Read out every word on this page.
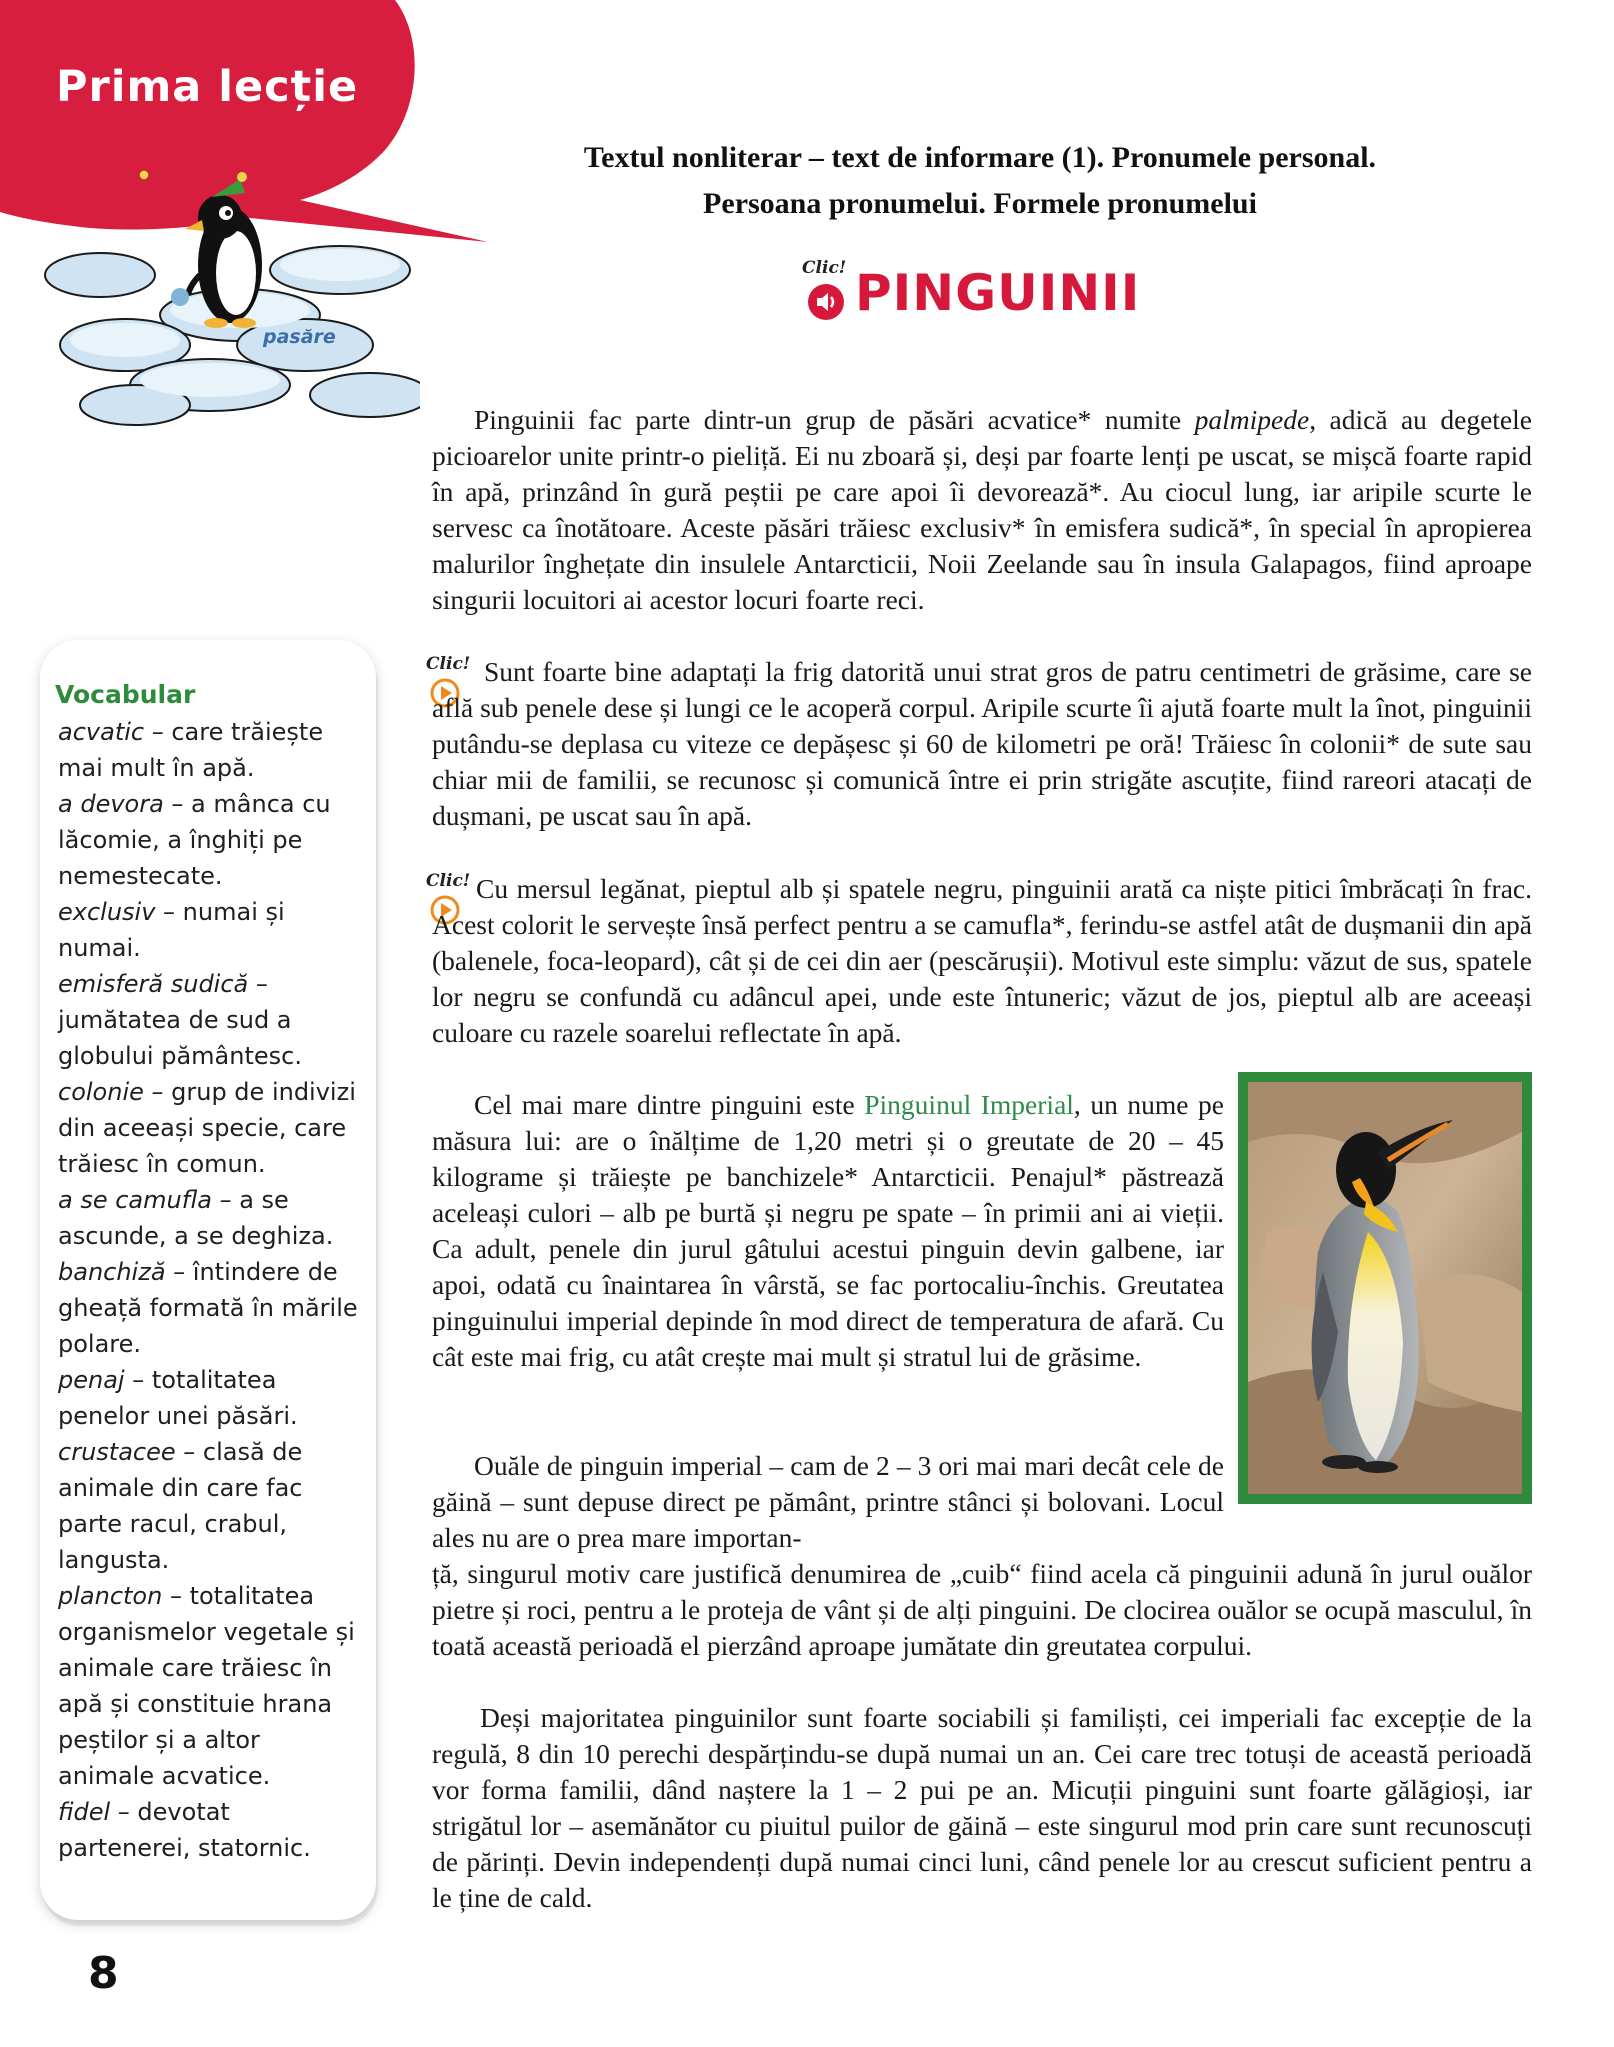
Prima lecție
pasăre
Textul nonliterar – text de informare (1). Pronumele personal.
Persoana pronumelui. Formele pronumelui
Clic! PINGUINII
Vocabular
acvatic – care trăiește mai mult în apă.
a devora – a mânca cu lăcomie, a înghiți pe nemestecate.
exclusiv – numai și numai.
emisferă sudică – jumătatea de sud a globului pământesc.
colonie – grup de indivizi din aceeași specie, care trăiesc în comun.
a se camufla – a se ascunde, a se deghiza.
banchiză – întindere de gheață formată în mările polare.
penaj – totalitatea penelor unei păsări.
crustacee – clasă de animale din care fac parte racul, crabul, langusta.
plancton – totalitatea organismelor vegetale și animale care trăiesc în apă și constituie hrana peștilor și a altor animale acvatice.
fidel – devotat partenerei, statornic.
8
Pinguinii fac parte dintr-un grup de păsări acvatice* numite palmipede, adică au degetele picioarelor unite printr-o pieliță. Ei nu zboară și, deși par foarte lenți pe uscat, se mișcă foarte rapid în apă, prinzând în gură peștii pe care apoi îi devorează*. Au ciocul lung, iar aripile scurte le servesc ca înotătoare. Aceste păsări trăiesc exclusiv* în emisfera sudică*, în special în apropierea malurilor înghețate din insulele Antarcticii, Noii Zeelande sau în insula Galapagos, fiind aproape singurii locuitori ai acestor locuri foarte reci.
Clic! Sunt foarte bine adaptați la frig datorită unui strat gros de patru centimetri de grăsime, care se află sub penele dese și lungi ce le acoperă corpul. Aripile scurte îi ajută foarte mult la înot, pinguinii putându-se deplasa cu viteze ce depășesc și 60 de kilometri pe oră! Trăiesc în colonii* de sute sau chiar mii de familii, se recunosc și comunică între ei prin strigăte ascuțite, fiind rareori atacați de dușmani, pe uscat sau în apă.
Clic! Cu mersul legănat, pieptul alb și spatele negru, pinguinii arată ca niște pitici îmbrăcați în frac. Acest colorit le servește însă perfect pentru a se camufla*, ferindu-se astfel atât de dușmanii din apă (balenele, foca-leopard), cât și de cei din aer (pescărușii). Motivul este simplu: văzut de sus, spatele lor negru se confundă cu adâncul apei, unde este întuneric; văzut de jos, pieptul alb are aceeași culoare cu razele soarelui reflectate în apă.
Cel mai mare dintre pinguini este Pinguinul Imperial, un nume pe măsura lui: are o înălțime de 1,20 metri și o greutate de 20 – 45 kilograme și trăiește pe banchizele* Antarcticii. Penajul* păstrează aceleași culori – alb pe burtă și negru pe spate – în primii ani ai vieții. Ca adult, penele din jurul gâtului acestui pinguin devin galbene, iar apoi, odată cu înaintarea în vârstă, se fac portocaliu-închis. Greutatea pinguinului imperial depinde în mod direct de temperatura de afară. Cu cât este mai frig, cu atât crește mai mult și stratul lui de grăsime.
Ouăle de pinguin imperial – cam de 2 – 3 ori mai mari decât cele de găină – sunt depuse direct pe pământ, printre stânci și bolovani. Locul ales nu are o prea mare importan-
ță, singurul motiv care justifică denumirea de „cuib“ fiind acela că pinguinii adună în jurul ouălor pietre și roci, pentru a le proteja de vânt și de alți pinguini. De clocirea ouălor se ocupă masculul, în toată această perioadă el pierzând aproape jumătate din greutatea corpului.
Deși majoritatea pinguinilor sunt foarte sociabili și familiști, cei imperiali fac excepție de la regulă, 8 din 10 perechi despărțindu-se după numai un an. Cei care trec totuși de această perioadă vor forma familii, dând naștere la 1 – 2 pui pe an. Micuții pinguini sunt foarte gălăgioși, iar strigătul lor – asemănător cu piuitul puilor de găină – este singurul mod prin care sunt recunoscuți de părinți. Devin independenți după numai cinci luni, când penele lor au crescut suficient pentru a le ține de cald.
